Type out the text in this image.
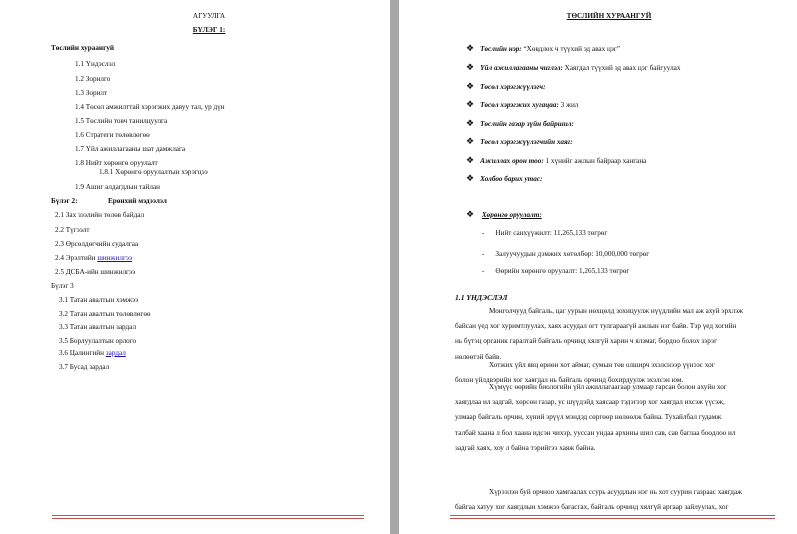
АГУУЛГА
БҮЛЭГ 1:
Төслийн хураангуй
1.1 Үндэслэл
1.2 Зорилго
1.3 Зорилт
1.4 Төсөл амжилттай хэрэгжих давуу тал, ур дүн
1.5 Төслийн товч танилцуулга
1.6 Стратеги төлөвлөгөө
1.7 Үйл ажиллагааны шат дамжлага
1.8 Нийт хөрөнгө оруулалт
1.8.1 Хөрөнгө оруулалтын хэрэгцээ
1.9 Ашиг алдагдлын тайлан
Бүлэг 2:	Ерөнхий мэдээлэл
2.1 Зах зээлийн төлөв байдал
2.2 Түгээлт
2.3 Өрсөлдөгчийн судалгаа
2.4 Эрэлтийн шинжилгээ
2.5 ДСБА-ийн шинжилгээ
Бүлэг 3
3.1 Татан авалтын хэмжээ
3.2 Татан авалтын төлөвлөгөө
3.3 Татан авалтын зардал
3.5 Борлуулалтын орлого
3.6 Цалингийн зардал
3.7 Бусад зардал
ТӨСЛИЙН ХУРААНГУЙ
❖ Төслийн нэр: “Хөвдлөх ч түүхий эд авах цэг”
❖ Үйл ажиллагааны чиглэл: Хаягдал түүхий эд авах цэг байгуулах
❖ Төсөл хэрэгжүүлэгч:
❖ Төсөл хэрэгжих хугацаа: 3 жил
❖ Төслийн газар зүйн байршил:
❖ Төсөл хэрэгжүүлэгчийн хаяг:
❖ Ажиллах орон тоо: 1 хүнийг ажлын байраар хангана
❖ Холбоо барих утас:
❖ Хөрөнгө оруулалт:
- Нийт санхүүжилт: 11,265,133 төгрөг
- Залуучуудын дэмжих хөтөлбөр: 10,000,000 төгрөг
- Өөрийн хөрөнгө оруулалт: 1,265,133 төгрөг
1.1 ҮНДЭСЛЭЛ
Монголчууд байгаль, цаг уурын нөхцөлд зохицуулж нүүдлийн мал аж ахуй эрхлэж
байсан үед хог хуримтлуулах, хаях асуудал огт тулгараагүй ажлын нэг байв. Тэр үед хогийн
нь бүтэц органик гаралтай байгаль орчинд хялгүй харин ч ялзмаг, бордоо болох зэрэг
нөлөөтэй байв.
Хотжих үйл явц өрнөн хот аймаг, сумын төв олширч эхэлснээр үүнээс хог
болон үйлдвэрийн хог хаягдал нь байгаль орчинд бохирдуулж эхэлсэн юм.
Хүмүүс өөрийн биологийн үйл ажиллагаагаар улмаар гарсан болон ахуйн хог
хаягдлаа ил задгай, хөрсөн газар, ус шүүдэйд хаясаар тэдэгээр хог хаягдал ихсэж үүсэж,
улмаар байгаль орчин, хүний эрүүл мэндэд сөргөөр нөлөөлж байна. Тухайлбал гудамж
талбай хаана л бол хаана идсэн чихэр, ууссан ундаа архины шил сав, сав баглаа боодлоо ил
задгай хаях, хоу л байна тэрийгээ хаяж байна.
Хүрээлэн буй орчноо хамгаалах ссурь асуудлын нэг нь хот суурин газраас хаягдаж
байгаа хатуу хог хаягдлын хэмжээ багасгах, байгаль орчинд хялгүй аргаар зайлуулах, хог
